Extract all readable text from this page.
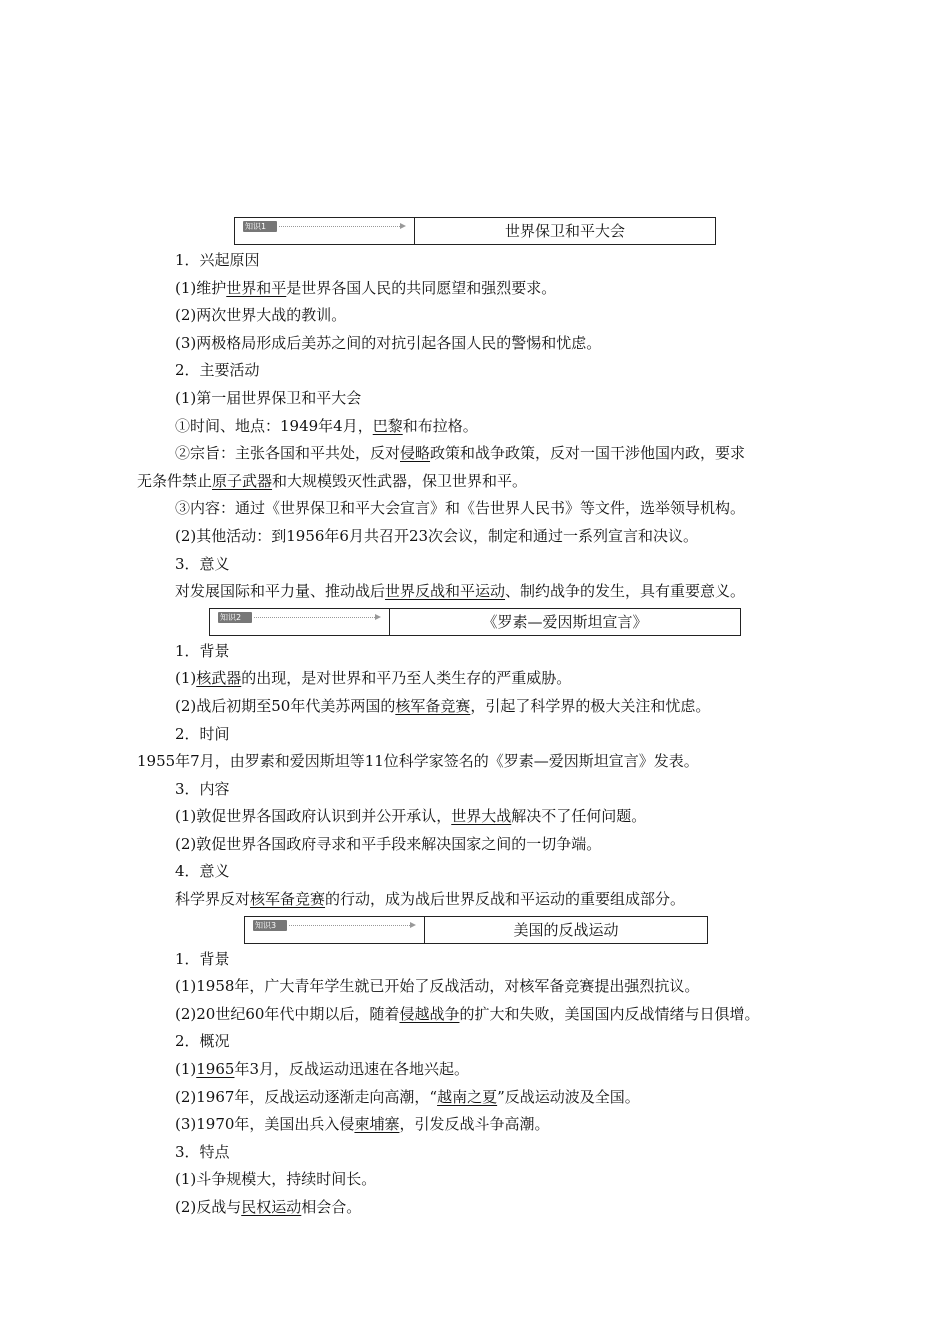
知识1	世界保卫和平大会
1．兴起原因
(1)维护世界和平是世界各国人民的共同愿望和强烈要求。
(2)两次世界大战的教训。
(3)两极格局形成后美苏之间的对抗引起各国人民的警惕和忧虑。
2．主要活动
(1)第一届世界保卫和平大会
①时间、地点：1949年4月，巴黎和布拉格。
②宗旨：主张各国和平共处，反对侵略政策和战争政策，反对一国干涉他国内政，要求
无条件禁止原子武器和大规模毁灭性武器，保卫世界和平。
③内容：通过《世界保卫和平大会宣言》和《告世界人民书》等文件，选举领导机构。
(2)其他活动：到1956年6月共召开23次会议，制定和通过一系列宣言和决议。
3．意义
对发展国际和平力量、推动战后世界反战和平运动、制约战争的发生，具有重要意义。
知识2	《罗素—爱因斯坦宣言》
1．背景
(1)核武器的出现，是对世界和平乃至人类生存的严重威胁。
(2)战后初期至50年代美苏两国的核军备竞赛，引起了科学界的极大关注和忧虑。
2．时间
1955年7月，由罗素和爱因斯坦等11位科学家签名的《罗素—爱因斯坦宣言》发表。
3．内容
(1)敦促世界各国政府认识到并公开承认，世界大战解决不了任何问题。
(2)敦促世界各国政府寻求和平手段来解决国家之间的一切争端。
4．意义
科学界反对核军备竞赛的行动，成为战后世界反战和平运动的重要组成部分。
知识3	美国的反战运动
1．背景
(1)1958年，广大青年学生就已开始了反战活动，对核军备竞赛提出强烈抗议。
(2)20世纪60年代中期以后，随着侵越战争的扩大和失败，美国国内反战情绪与日俱增。
2．概况
(1)1965年3月，反战运动迅速在各地兴起。
(2)1967年，反战运动逐渐走向高潮，“越南之夏”反战运动波及全国。
(3)1970年，美国出兵入侵柬埔寨，引发反战斗争高潮。
3．特点
(1)斗争规模大，持续时间长。
(2)反战与民权运动相会合。
